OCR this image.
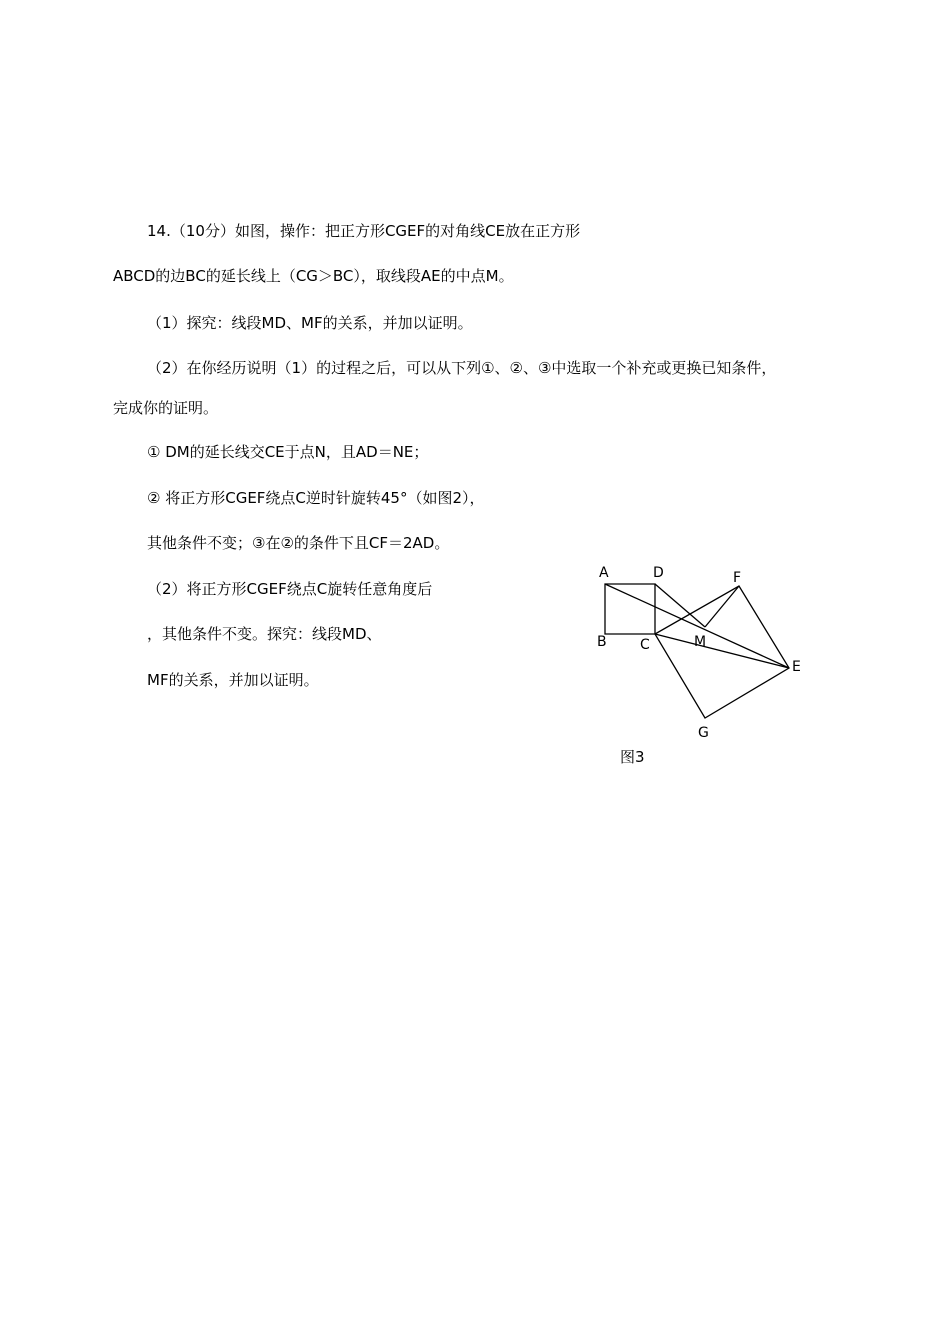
14.（10分）如图，操作：把正方形CGEF的对角线CE放在正方形
ABCD的边BC的延长线上（CG＞BC），取线段AE的中点M。
（1）探究：线段MD、MF的关系，并加以证明。
（2）在你经历说明（1）的过程之后，可以从下列①、②、③中选取一个补充或更换已知条件，
完成你的证明。
① DM的延长线交CE于点N，且AD＝NE；
② 将正方形CGEF绕点C逆时针旋转45°（如图2），
其他条件不变；③在②的条件下且CF＝2AD。
（2）将正方形CGEF绕点C旋转任意角度后
，其他条件不变。探究：线段MD、
MF的关系，并加以证明。
A	D	F
B C	M
E
G
图3
